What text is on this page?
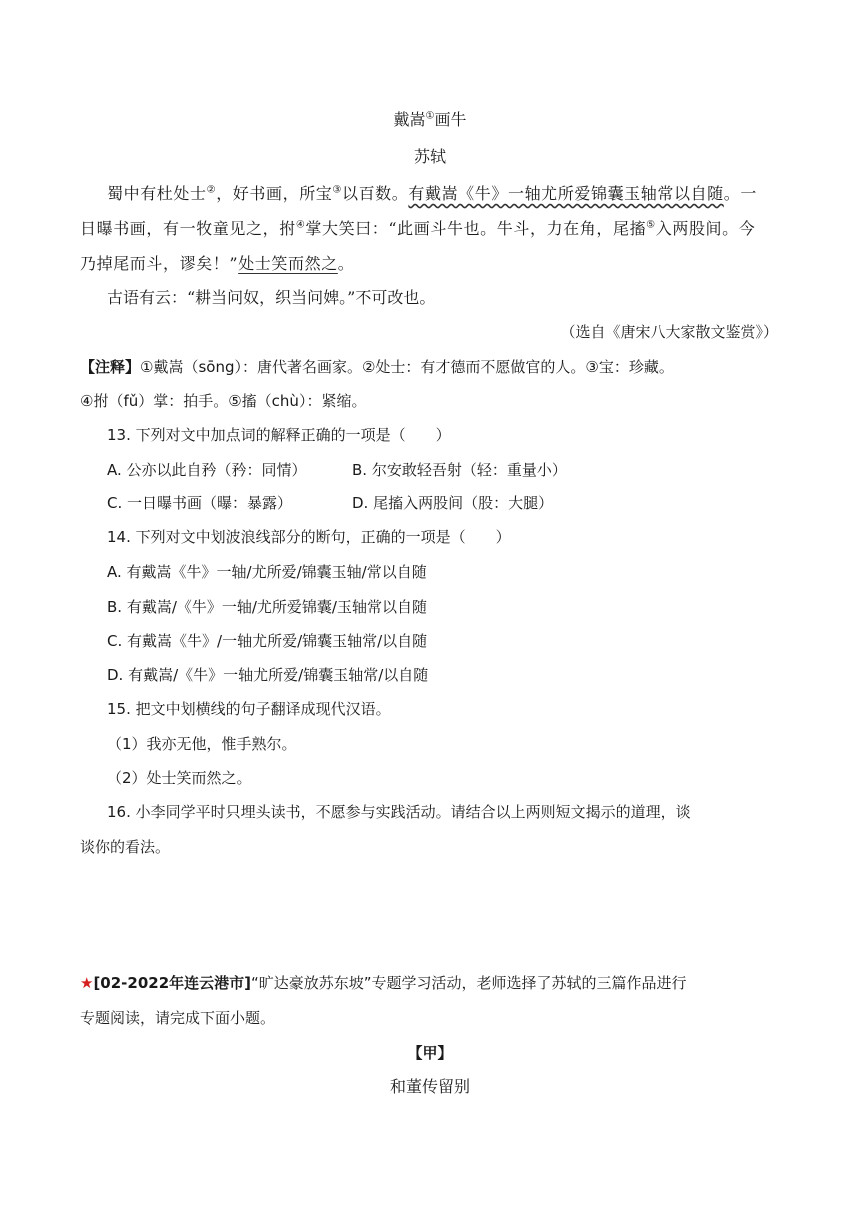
戴嵩①画牛
苏轼
蜀中有杜处士②，好书画，所宝③以百数。有戴嵩《牛》一轴尤所爱锦囊玉轴常以自随。一
日曝书画，有一牧童见之，拊④掌大笑曰：“此画斗牛也。牛斗，力在角，尾搐⑤入两股间。今
乃掉尾而斗，谬矣！”处士笑而然之。
古语有云：“耕当问奴，织当问婢。”不可改也。
（选自《唐宋八大家散文鉴赏》）
【注释】①戴嵩（sōng）：唐代著名画家。②处士：有才德而不愿做官的人。③宝：珍藏。
④拊（fǔ）掌：拍手。⑤搐（chù）：紧缩。
13. 下列对文中加点词的解释正确的一项是（　　）
A. 公亦以此自矜（矜：同情）	B. 尔安敢轻吾射（轻：重量小）
C. 一日曝书画（曝：暴露）	D. 尾搐入两股间（股：大腿）
14. 下列对文中划波浪线部分的断句，正确的一项是（　　）
A. 有戴嵩《牛》一轴/尤所爱/锦囊玉轴/常以自随
B. 有戴嵩/《牛》一轴/尤所爱锦囊/玉轴常以自随
C. 有戴嵩《牛》/一轴尤所爱/锦囊玉轴常/以自随
D. 有戴嵩/《牛》一轴尤所爱/锦囊玉轴常/以自随
15. 把文中划横线的句子翻译成现代汉语。
（1）我亦无他，惟手熟尔。
（2）处士笑而然之。
16. 小李同学平时只埋头读书，不愿参与实践活动。请结合以上两则短文揭示的道理，谈
谈你的看法。
★[02-2022年连云港市]“旷达豪放苏东坡”专题学习活动，老师选择了苏轼的三篇作品进行
专题阅读，请完成下面小题。
【甲】
和董传留别
